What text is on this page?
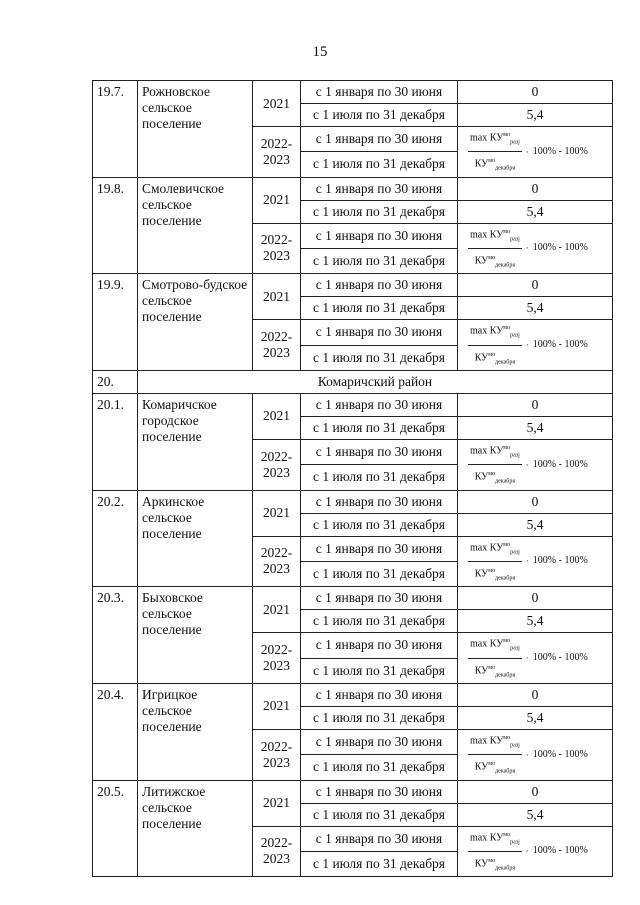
15
19.7.	Рожновское сельское поселение	2021	с 1 января по 30 июня	0
			с 1 июля по 31 декабря	5,4
		2022-2023	с 1 января по 30 июня	$\frac{\max КУ^{мо}_{разj}}{КУ^{мо}_{декабря}} \cdot 100\% - 100\%$

			с 1 июля по 31 декабря	
19.8.	Смолевичское сельское поселение	2021	с 1 января по 30 июня	0
			с 1 июля по 31 декабря	5,4
		2022-2023	с 1 января по 30 июня	$\frac{\max КУ^{мо}_{разj}}{КУ^{мо}_{декабря}} \cdot 100\% - 100\%$

			с 1 июля по 31 декабря	
19.9.	Смотрово-будское сельское поселение	2021	с 1 января по 30 июня	0
			с 1 июля по 31 декабря	5,4
		2022-2023	с 1 января по 30 июня	$\frac{\max КУ^{мо}_{разj}}{КУ^{мо}_{декабря}} \cdot 100\% - 100\%$

			с 1 июля по 31 декабря	
20.	Комаричский район			
20.1.	Комаричское городское поселение	2021	с 1 января по 30 июня	0
			с 1 июля по 31 декабря	5,4
		2022-2023	с 1 января по 30 июня	$\frac{\max КУ^{мо}_{разj}}{КУ^{мо}_{декабря}} \cdot 100\% - 100\%$

			с 1 июля по 31 декабря	
20.2.	Аркинское сельское поселение	2021	с 1 января по 30 июня	0
			с 1 июля по 31 декабря	5,4
		2022-2023	с 1 января по 30 июня	$\frac{\max КУ^{мо}_{разj}}{КУ^{мо}_{декабря}} \cdot 100\% - 100\%$

			с 1 июля по 31 декабря	
20.3.	Быховское сельское поселение	2021	с 1 января по 30 июня	0
			с 1 июля по 31 декабря	5,4
		2022-2023	с 1 января по 30 июня	$\frac{\max КУ^{мо}_{разj}}{КУ^{мо}_{декабря}} \cdot 100\% - 100\%$

			с 1 июля по 31 декабря	
20.4.	Игрицкое сельское поселение	2021	с 1 января по 30 июня	0
			с 1 июля по 31 декабря	5,4
		2022-2023	с 1 января по 30 июня	$\frac{\max КУ^{мо}_{разj}}{КУ^{мо}_{декабря}} \cdot 100\% - 100\%$

			с 1 июля по 31 декабря	
20.5.	Литижское сельское поселение	2021	с 1 января по 30 июня	0
			с 1 июля по 31 декабря	5,4
		2022-2023	с 1 января по 30 июня	$\frac{\max КУ^{мо}_{разj}}{КУ^{мо}_{декабря}} \cdot 100\% - 100\%$

			с 1 июля по 31 декабря	
